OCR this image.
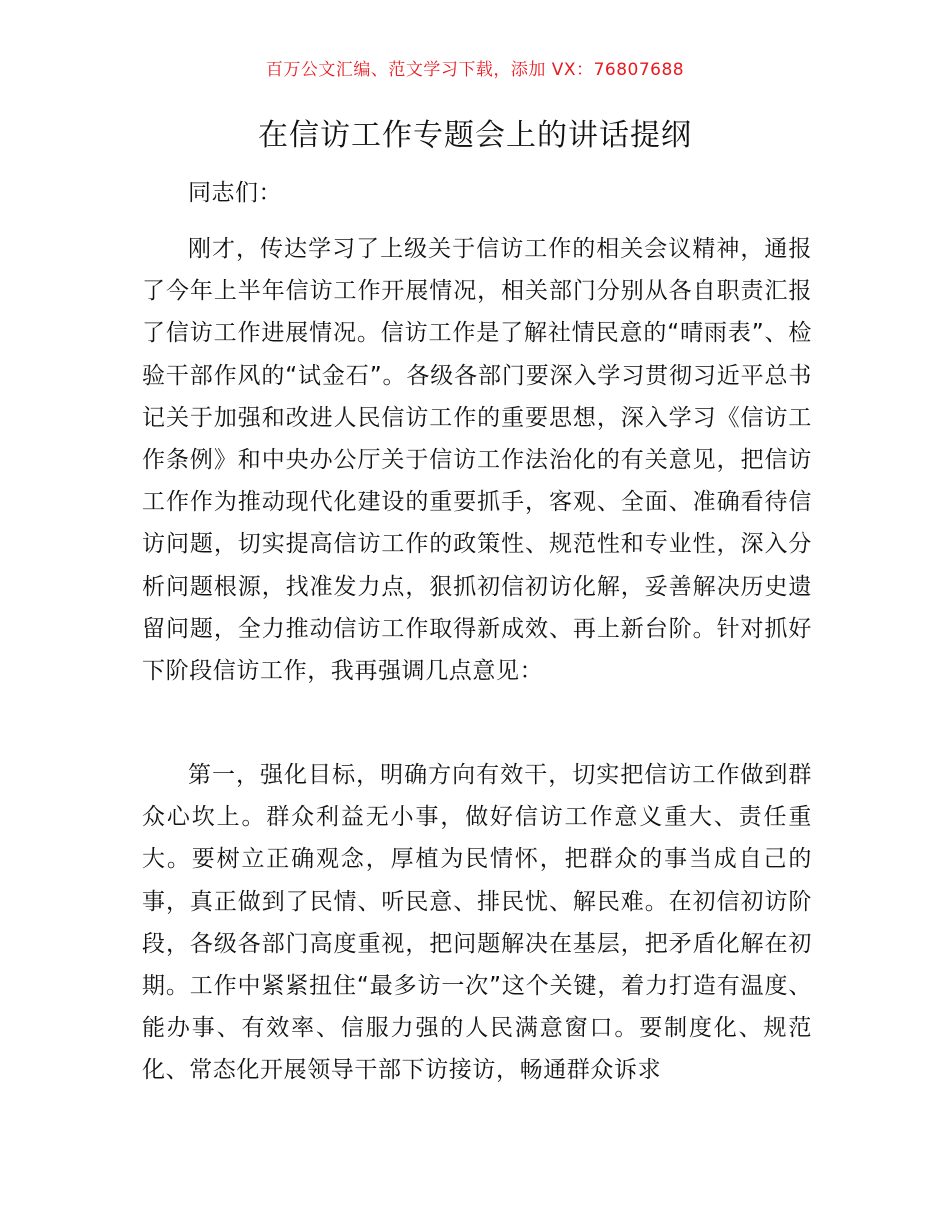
百万公文汇编、范文学习下载，添加 VX：76807688
在信访工作专题会上的讲话提纲
同志们：

刚才，传达学习了上级关于信访工作的相关会议精神，通报了今年上半年信访工作开展情况，相关部门分别从各自职责汇报了信访工作进展情况。信访工作是了解社情民意的“晴雨表”、检验干部作风的“试金石”。各级各部门要深入学习贯彻习近平总书记关于加强和改进人民信访工作的重要思想，深入学习《信访工作条例》和中央办公厅关于信访工作法治化的有关意见，把信访工作作为推动现代化建设的重要抓手，客观、全面、准确看待信访问题，切实提高信访工作的政策性、规范性和专业性，深入分析问题根源，找准发力点，狠抓初信初访化解，妥善解决历史遗留问题，全力推动信访工作取得新成效、再上新台阶。针对抓好下阶段信访工作，我再强调几点意见：

第一，强化目标，明确方向有效干，切实把信访工作做到群众心坎上。群众利益无小事，做好信访工作意义重大、责任重大。要树立正确观念，厚植为民情怀，把群众的事当成自己的事，真正做到了民情、听民意、排民忧、解民难。在初信初访阶段，各级各部门高度重视，把问题解决在基层，把矛盾化解在初期。工作中紧紧扭住“最多访一次”这个关键，着力打造有温度、能办事、有效率、信服力强的人民满意窗口。要制度化、规范化、常态化开展领导干部下访接访，畅通群众诉求
